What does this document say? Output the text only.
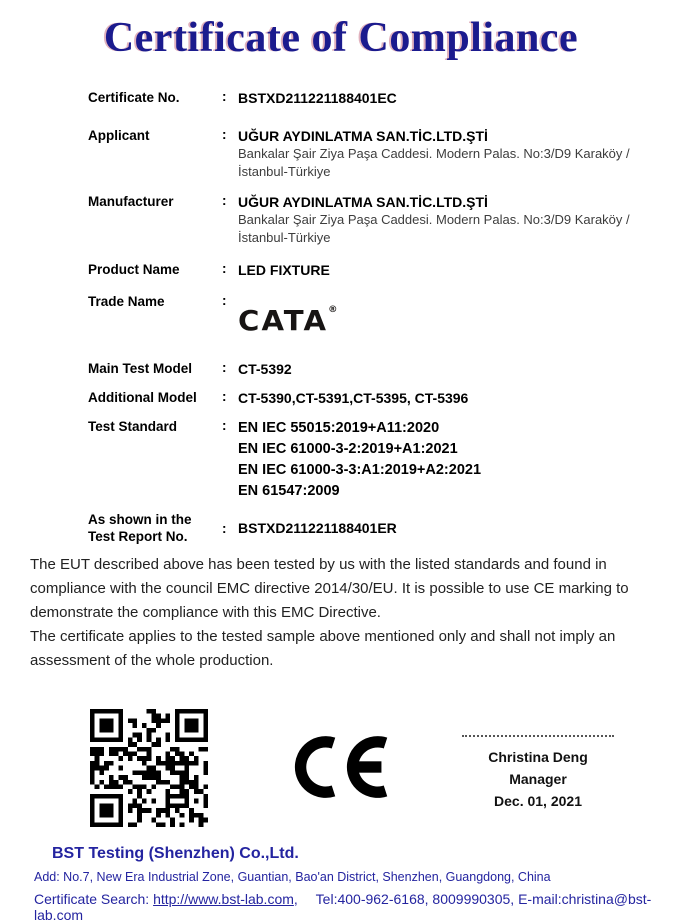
Certificate of Compliance
Certificate No.	: BSTXD211221188401EC
Applicant	: UĞUR AYDINLATMA SAN.TİC.LTD.ŞTİ
Bankalar Şair Ziya Paşa Caddesi. Modern Palas. No:3/D9 Karaköy /
İstanbul-Türkiye
Manufacturer	: UĞUR AYDINLATMA SAN.TİC.LTD.ŞTİ
Bankalar Şair Ziya Paşa Caddesi. Modern Palas. No:3/D9 Karaköy /
İstanbul-Türkiye
Product Name	: LED FIXTURE
Trade Name	:
CATA®
Main Test Model	: CT-5392
Additional Model	: CT-5390,CT-5391,CT-5395, CT-5396
Test Standard	: EN IEC 55015:2019+A11:2020
EN IEC 61000-3-2:2019+A1:2021
EN IEC 61000-3-3:A1:2019+A2:2021
EN 61547:2009
As shown in the
Test Report No.
: BSTXD211221188401ER

The EUT described above has been tested by us with the listed standards and found in compliance with the council EMC directive 2014/30/EU. It is possible to use CE marking to demonstrate the compliance with this EMC Directive.

The certificate applies to the tested sample above mentioned only and shall not imply an assessment of the whole production.

Christina Deng
Manager
Dec. 01, 2021
BST Testing (Shenzhen) Co.,Ltd.
Add: No.7, New Era Industrial Zone, Guantian, Bao'an District, Shenzhen, Guangdong, China
Certificate Search: http://www.bst-lab.com, Tel:400-962-6168, 8009990305, E-mail:christina@bst-lab.com
